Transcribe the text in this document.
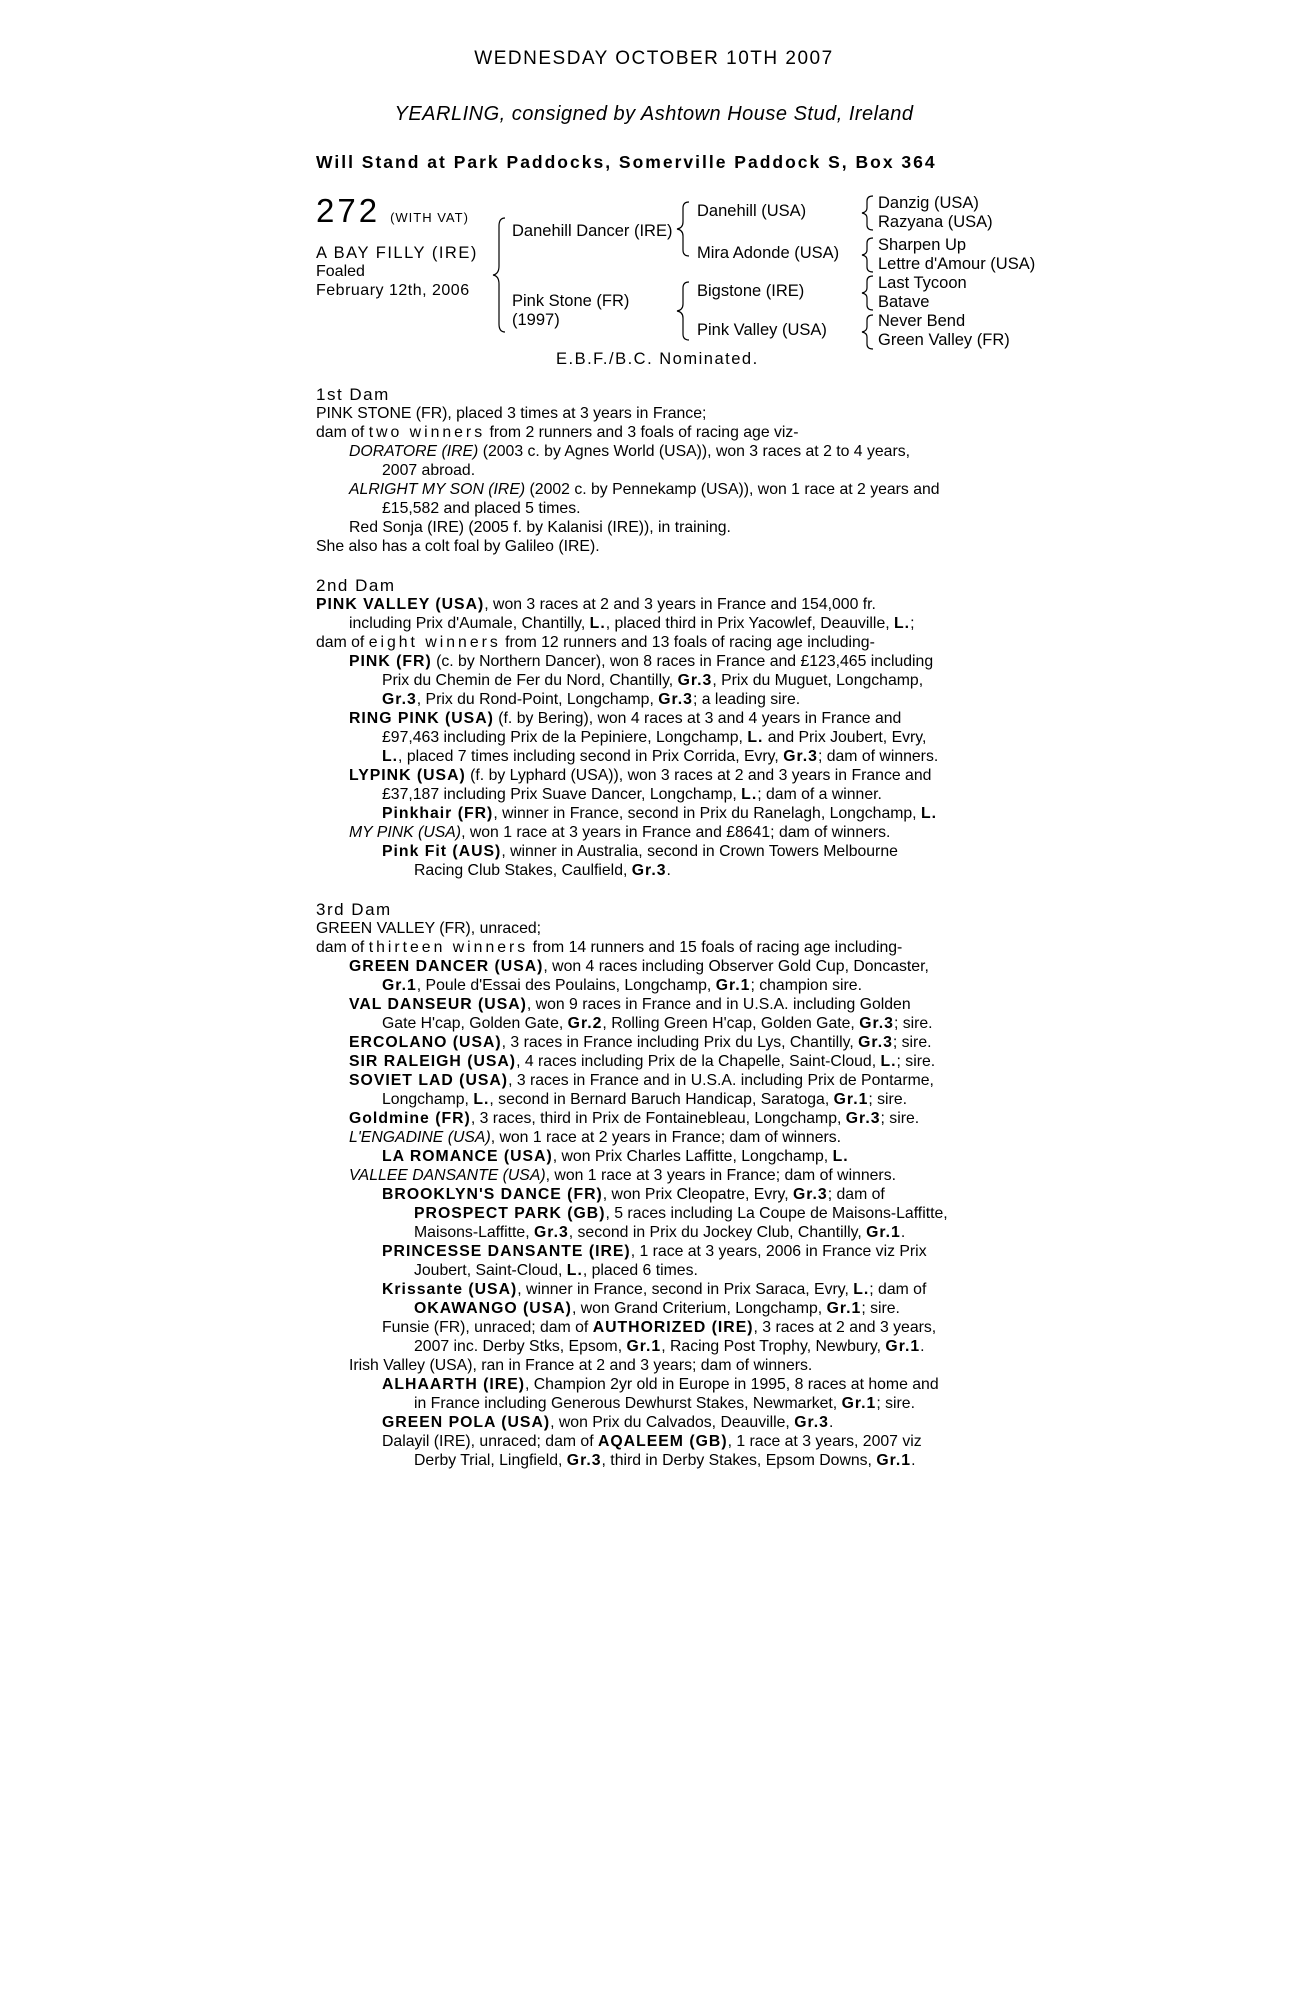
WEDNESDAY OCTOBER 10TH 2007
YEARLING, consigned by Ashtown House Stud, Ireland
Will Stand at Park Paddocks, Somerville Paddock S, Box 364
272 (WITH VAT)
A BAY FILLY (IRE)
Foaled
February 12th, 2006
Danehill Dancer (IRE)
Pink Stone (FR)
(1997)
Danehill (USA)
Mira Adonde (USA)
Bigstone (IRE)
Pink Valley (USA)
Danzig (USA)
Razyana (USA)
Sharpen Up
Lettre d'Amour (USA)
Last Tycoon
Batave
Never Bend
Green Valley (FR)
E.B.F./B.C. Nominated.
1st Dam
PINK STONE (FR), placed 3 times at 3 years in France;
dam of two winners from 2 runners and 3 foals of racing age viz-
DORATORE (IRE) (2003 c. by Agnes World (USA)), won 3 races at 2 to 4 years,
2007 abroad.
ALRIGHT MY SON (IRE) (2002 c. by Pennekamp (USA)), won 1 race at 2 years and
£15,582 and placed 5 times.
Red Sonja (IRE) (2005 f. by Kalanisi (IRE)), in training.
She also has a colt foal by Galileo (IRE).
2nd Dam
PINK VALLEY (USA), won 3 races at 2 and 3 years in France and 154,000 fr.
including Prix d'Aumale, Chantilly, L., placed third in Prix Yacowlef, Deauville, L.;
dam of eight winners from 12 runners and 13 foals of racing age including-
PINK (FR) (c. by Northern Dancer), won 8 races in France and £123,465 including
Prix du Chemin de Fer du Nord, Chantilly, Gr.3, Prix du Muguet, Longchamp,
Gr.3, Prix du Rond-Point, Longchamp, Gr.3; a leading sire.
RING PINK (USA) (f. by Bering), won 4 races at 3 and 4 years in France and
£97,463 including Prix de la Pepiniere, Longchamp, L. and Prix Joubert, Evry,
L., placed 7 times including second in Prix Corrida, Evry, Gr.3; dam of winners.
LYPINK (USA) (f. by Lyphard (USA)), won 3 races at 2 and 3 years in France and
£37,187 including Prix Suave Dancer, Longchamp, L.; dam of a winner.
Pinkhair (FR), winner in France, second in Prix du Ranelagh, Longchamp, L.
MY PINK (USA), won 1 race at 3 years in France and £8641; dam of winners.
Pink Fit (AUS), winner in Australia, second in Crown Towers Melbourne
Racing Club Stakes, Caulfield, Gr.3.
3rd Dam
GREEN VALLEY (FR), unraced;
dam of thirteen winners from 14 runners and 15 foals of racing age including-
GREEN DANCER (USA), won 4 races including Observer Gold Cup, Doncaster,
Gr.1, Poule d'Essai des Poulains, Longchamp, Gr.1; champion sire.
VAL DANSEUR (USA), won 9 races in France and in U.S.A. including Golden
Gate H'cap, Golden Gate, Gr.2, Rolling Green H'cap, Golden Gate, Gr.3; sire.
ERCOLANO (USA), 3 races in France including Prix du Lys, Chantilly, Gr.3; sire.
SIR RALEIGH (USA), 4 races including Prix de la Chapelle, Saint-Cloud, L.; sire.
SOVIET LAD (USA), 3 races in France and in U.S.A. including Prix de Pontarme,
Longchamp, L., second in Bernard Baruch Handicap, Saratoga, Gr.1; sire.
Goldmine (FR), 3 races, third in Prix de Fontainebleau, Longchamp, Gr.3; sire.
L'ENGADINE (USA), won 1 race at 2 years in France; dam of winners.
LA ROMANCE (USA), won Prix Charles Laffitte, Longchamp, L.
VALLEE DANSANTE (USA), won 1 race at 3 years in France; dam of winners.
BROOKLYN'S DANCE (FR), won Prix Cleopatre, Evry, Gr.3; dam of
PROSPECT PARK (GB), 5 races including La Coupe de Maisons-Laffitte,
Maisons-Laffitte, Gr.3, second in Prix du Jockey Club, Chantilly, Gr.1.
PRINCESSE DANSANTE (IRE), 1 race at 3 years, 2006 in France viz Prix
Joubert, Saint-Cloud, L., placed 6 times.
Krissante (USA), winner in France, second in Prix Saraca, Evry, L.; dam of
OKAWANGO (USA), won Grand Criterium, Longchamp, Gr.1; sire.
Funsie (FR), unraced; dam of AUTHORIZED (IRE), 3 races at 2 and 3 years,
2007 inc. Derby Stks, Epsom, Gr.1, Racing Post Trophy, Newbury, Gr.1.
Irish Valley (USA), ran in France at 2 and 3 years; dam of winners.
ALHAARTH (IRE), Champion 2yr old in Europe in 1995, 8 races at home and
in France including Generous Dewhurst Stakes, Newmarket, Gr.1; sire.
GREEN POLA (USA), won Prix du Calvados, Deauville, Gr.3.
Dalayil (IRE), unraced; dam of AQALEEM (GB), 1 race at 3 years, 2007 viz
Derby Trial, Lingfield, Gr.3, third in Derby Stakes, Epsom Downs, Gr.1.
